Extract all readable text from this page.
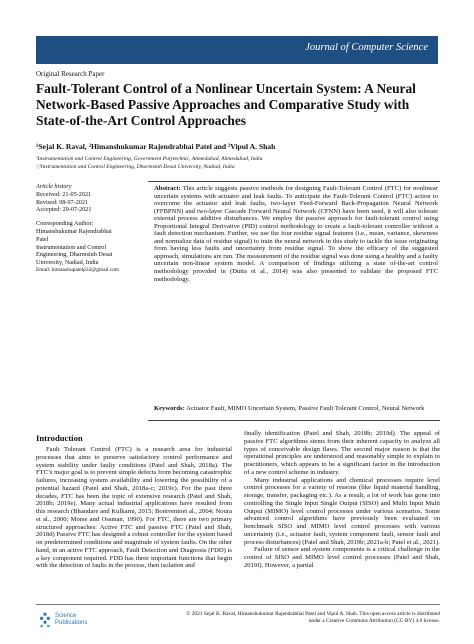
Journal of Computer Science
Original Research Paper
Fault-Tolerant Control of a Nonlinear Uncertain System: A Neural Network-Based Passive Approaches and Comparative Study with State-of-the-Art Control Approaches
¹Sejal K. Raval, ²Himanshukumar Rajendrabhai Patel and ²Vipul A. Shah
¹Instrumentation and Control Engineering, Government Polytechnic, Ahmedabad, Ahmedabad, India
²,³Instrumentation and Control Engineering, Dharmsinh Desai University, Nadiad, India
Article history
Received: 21-05-2021
Revised: 08-07-2021
Accepted: 29-07-2021
Corresponding Author:
Himanshukumar Rajendrabhai
Patel
Instrumentation and Control
Engineering, Dharmsinh Desai
University, Nadiad, India
Email: himanshupatelp32@gmail.com

Abstract: This article suggests passive methods for designing Fault-Tolerant Control (FTC) for nonlinear uncertain systems with actuator and leak faults. To anticipate the Fault-Tolerant Control (FTC) action to overcome the actuator and leak faults, two-layer Feed-Forward Back-Propagation Neural Network (FFBPNN) and two-layer Cascade Forward Neural Network (CFNN) have been used, it will also tolerate external process additive disturbances. We employ the passive approach for fault-tolerant control using Proportional Integral Derivative (PID) control methodology to create a fault-tolerant controller without a fault detection mechanism. Further, we use the four residue signal features (i.e., mean, variance, skewness and normalize data of residue signal) to train the neural network in this study to tackle the issue originating from having less faults and uncertainty from residue signal. To show the efficacy of the suggested approach, simulations are run. The measurement of the residue signal was done using a healthy and a faulty uncertain non-linear system model. A comparison of findings utilizing a state of-the-art control methodology provided in (Dutta et al., 2014) was also presented to validate the proposed FTC methodology.

Keywords: Actuator Fault, MIMO Uncertain System, Passive Fault Tolerant Control, Neural Network

Introduction

Fault Tolerant Control (FTC) is a research area for industrial processes that aims to preserve satisfactory control performance and system stability under faulty conditions (Patel and Shah, 2018a). The FTC’s major goal is to prevent simple defects from becoming catastrophic failures, increasing system availability and lowering the possibility of a potential hazard (Patel and Shah, 2018a-c; 2019c). For the past three decades, FTC has been the topic of extensive research (Patel and Shah, 2018b; 2019e). Many actual industrial applications have resulted from this research (Bhandare and Kulkarni, 2015; Boniventoet al., 2004; Noura et al., 2000; Morse and Ossman, 1990). For FTC, there are two primary structured approaches: Active FTC and passive FTC (Patel and Shah, 2018d) Passive FTC has designed a robust controller for the system based on predetermined conditions and magnitude of system faults. On the other hand, in an active FTC approach, Fault Detection and Diagnosis (FDD) is a key component required. FDD has three important functions that begin with the detection of faults in the process, then isolation and

finally identification (Patel and Shah, 2018b; 2019d). The appeal of passive FTC algorithms stems from their inherent capacity to analyze all types of conceivable design flaws. The second major reason is that the operational principles are understood and reasonably simple to explain to practitioners, which appears to be a significant factor in the introduction of a new control scheme in industry.

Many industrial applications and chemical processes require level control processes for a variety of reasons (like liquid material handling, storage, transfer, packaging etc.). As a result, a lot of work has gone into controlling the Single Input Single Output (SISO) and Multi Input Multi Output (MIMO) level control processes under various scenarios. Some advanced control algorithms have previously been evaluated on benchmark SISO and MIMO level control processes with various uncertainty (i.e., actuator fault, system component fault, sensor fault and process disturbances) (Patel and Shah, 2019b; 2021a-b; Patel et al., 2021).

Failure of sensor and system components is a critical challenge in the control of SISO and MIMO level control processes (Patel and Shah, 2019f). However, a partial

Science
Publications
© 2021 Sejal K. Raval, Himanshukumar Rajendrabhai Patel and Vipul A. Shah. This open access article is distributed
under a Creative Commons Attribution (CC-BY) 4.0 license.
